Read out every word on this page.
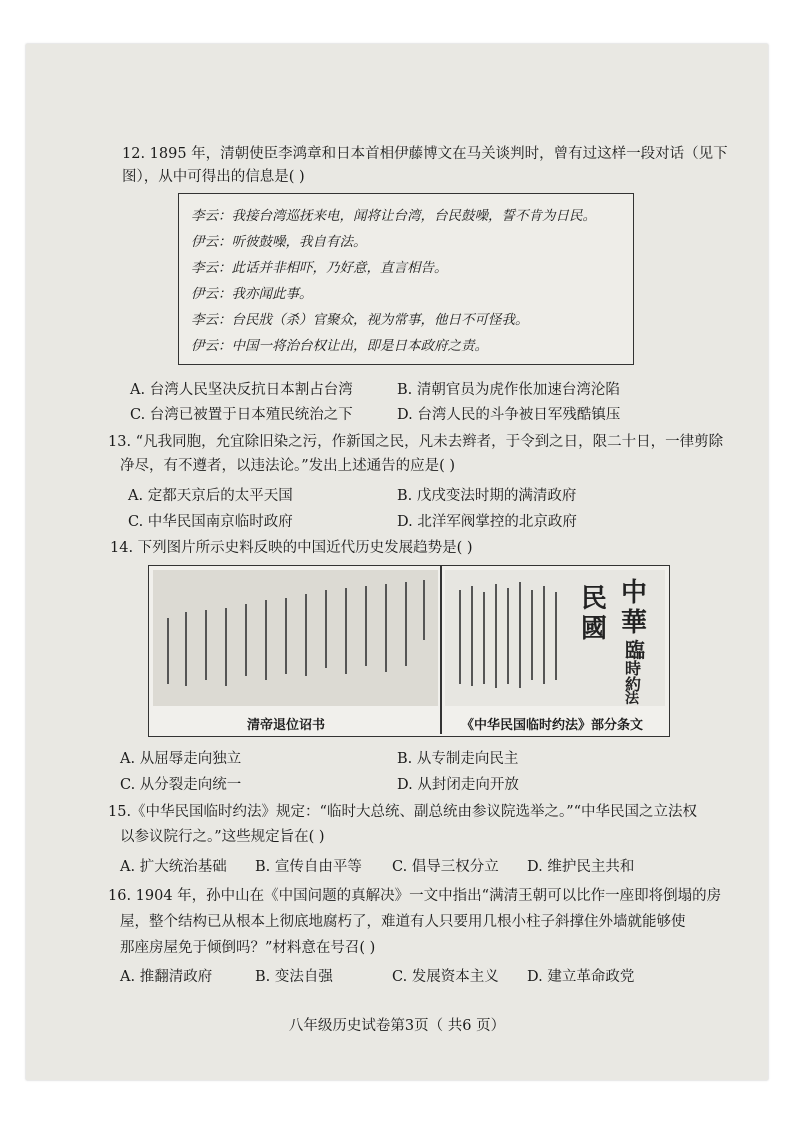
12. 1895 年，清朝使臣李鸿章和日本首相伊藤博文在马关谈判时，曾有过这样一段对话（见下
图），从中可得出的信息是( )
李云：我接台湾巡抚来电，闻将让台湾，台民鼓噪，誓不肯为日民。
伊云：听彼鼓噪，我自有法。
李云：此话并非相吓，乃好意，直言相告。
伊云：我亦闻此事。
李云：台民戕（杀）官聚众，视为常事，他日不可怪我。
伊云：中国一将治台权让出，即是日本政府之责。
A. 台湾人民坚决反抗日本割占台湾	B. 清朝官员为虎作伥加速台湾沦陷
C. 台湾已被置于日本殖民统治之下	D. 台湾人民的斗争被日军残酷镇压
13. “凡我同胞，允宜除旧染之污，作新国之民，凡未去辫者，于令到之日，限二十日，一律剪除
净尽，有不遵者，以违法论。”发出上述通告的应是( )
A. 定都天京后的太平天国	B. 戊戌变法时期的满清政府
C. 中华民国南京临时政府	D. 北洋军阀掌控的北京政府
14. 下列图片所示史料反映的中国近代历史发展趋势是( )
中
華
民
國
臨
時
約
法
清帝退位诏书	《中华民国临时约法》部分条文
A. 从屈辱走向独立	B. 从专制走向民主
C. 从分裂走向统一	D. 从封闭走向开放
15.《中华民国临时约法》规定：“临时大总统、副总统由参议院选举之。”“中华民国之立法权
以参议院行之。”这些规定旨在( )
A. 扩大统治基础 B. 宣传自由平等 C. 倡导三权分立 D. 维护民主共和
16. 1904 年，孙中山在《中国问题的真解决》一文中指出“满清王朝可以比作一座即将倒塌的房
屋，整个结构已从根本上彻底地腐朽了，难道有人只要用几根小柱子斜撑住外墙就能够使
那座房屋免于倾倒吗？”材料意在号召( )
A. 推翻清政府	B. 变法自强	C. 发展资本主义 D. 建立革命政党
八年级历史试卷第3页（ 共6 页）
